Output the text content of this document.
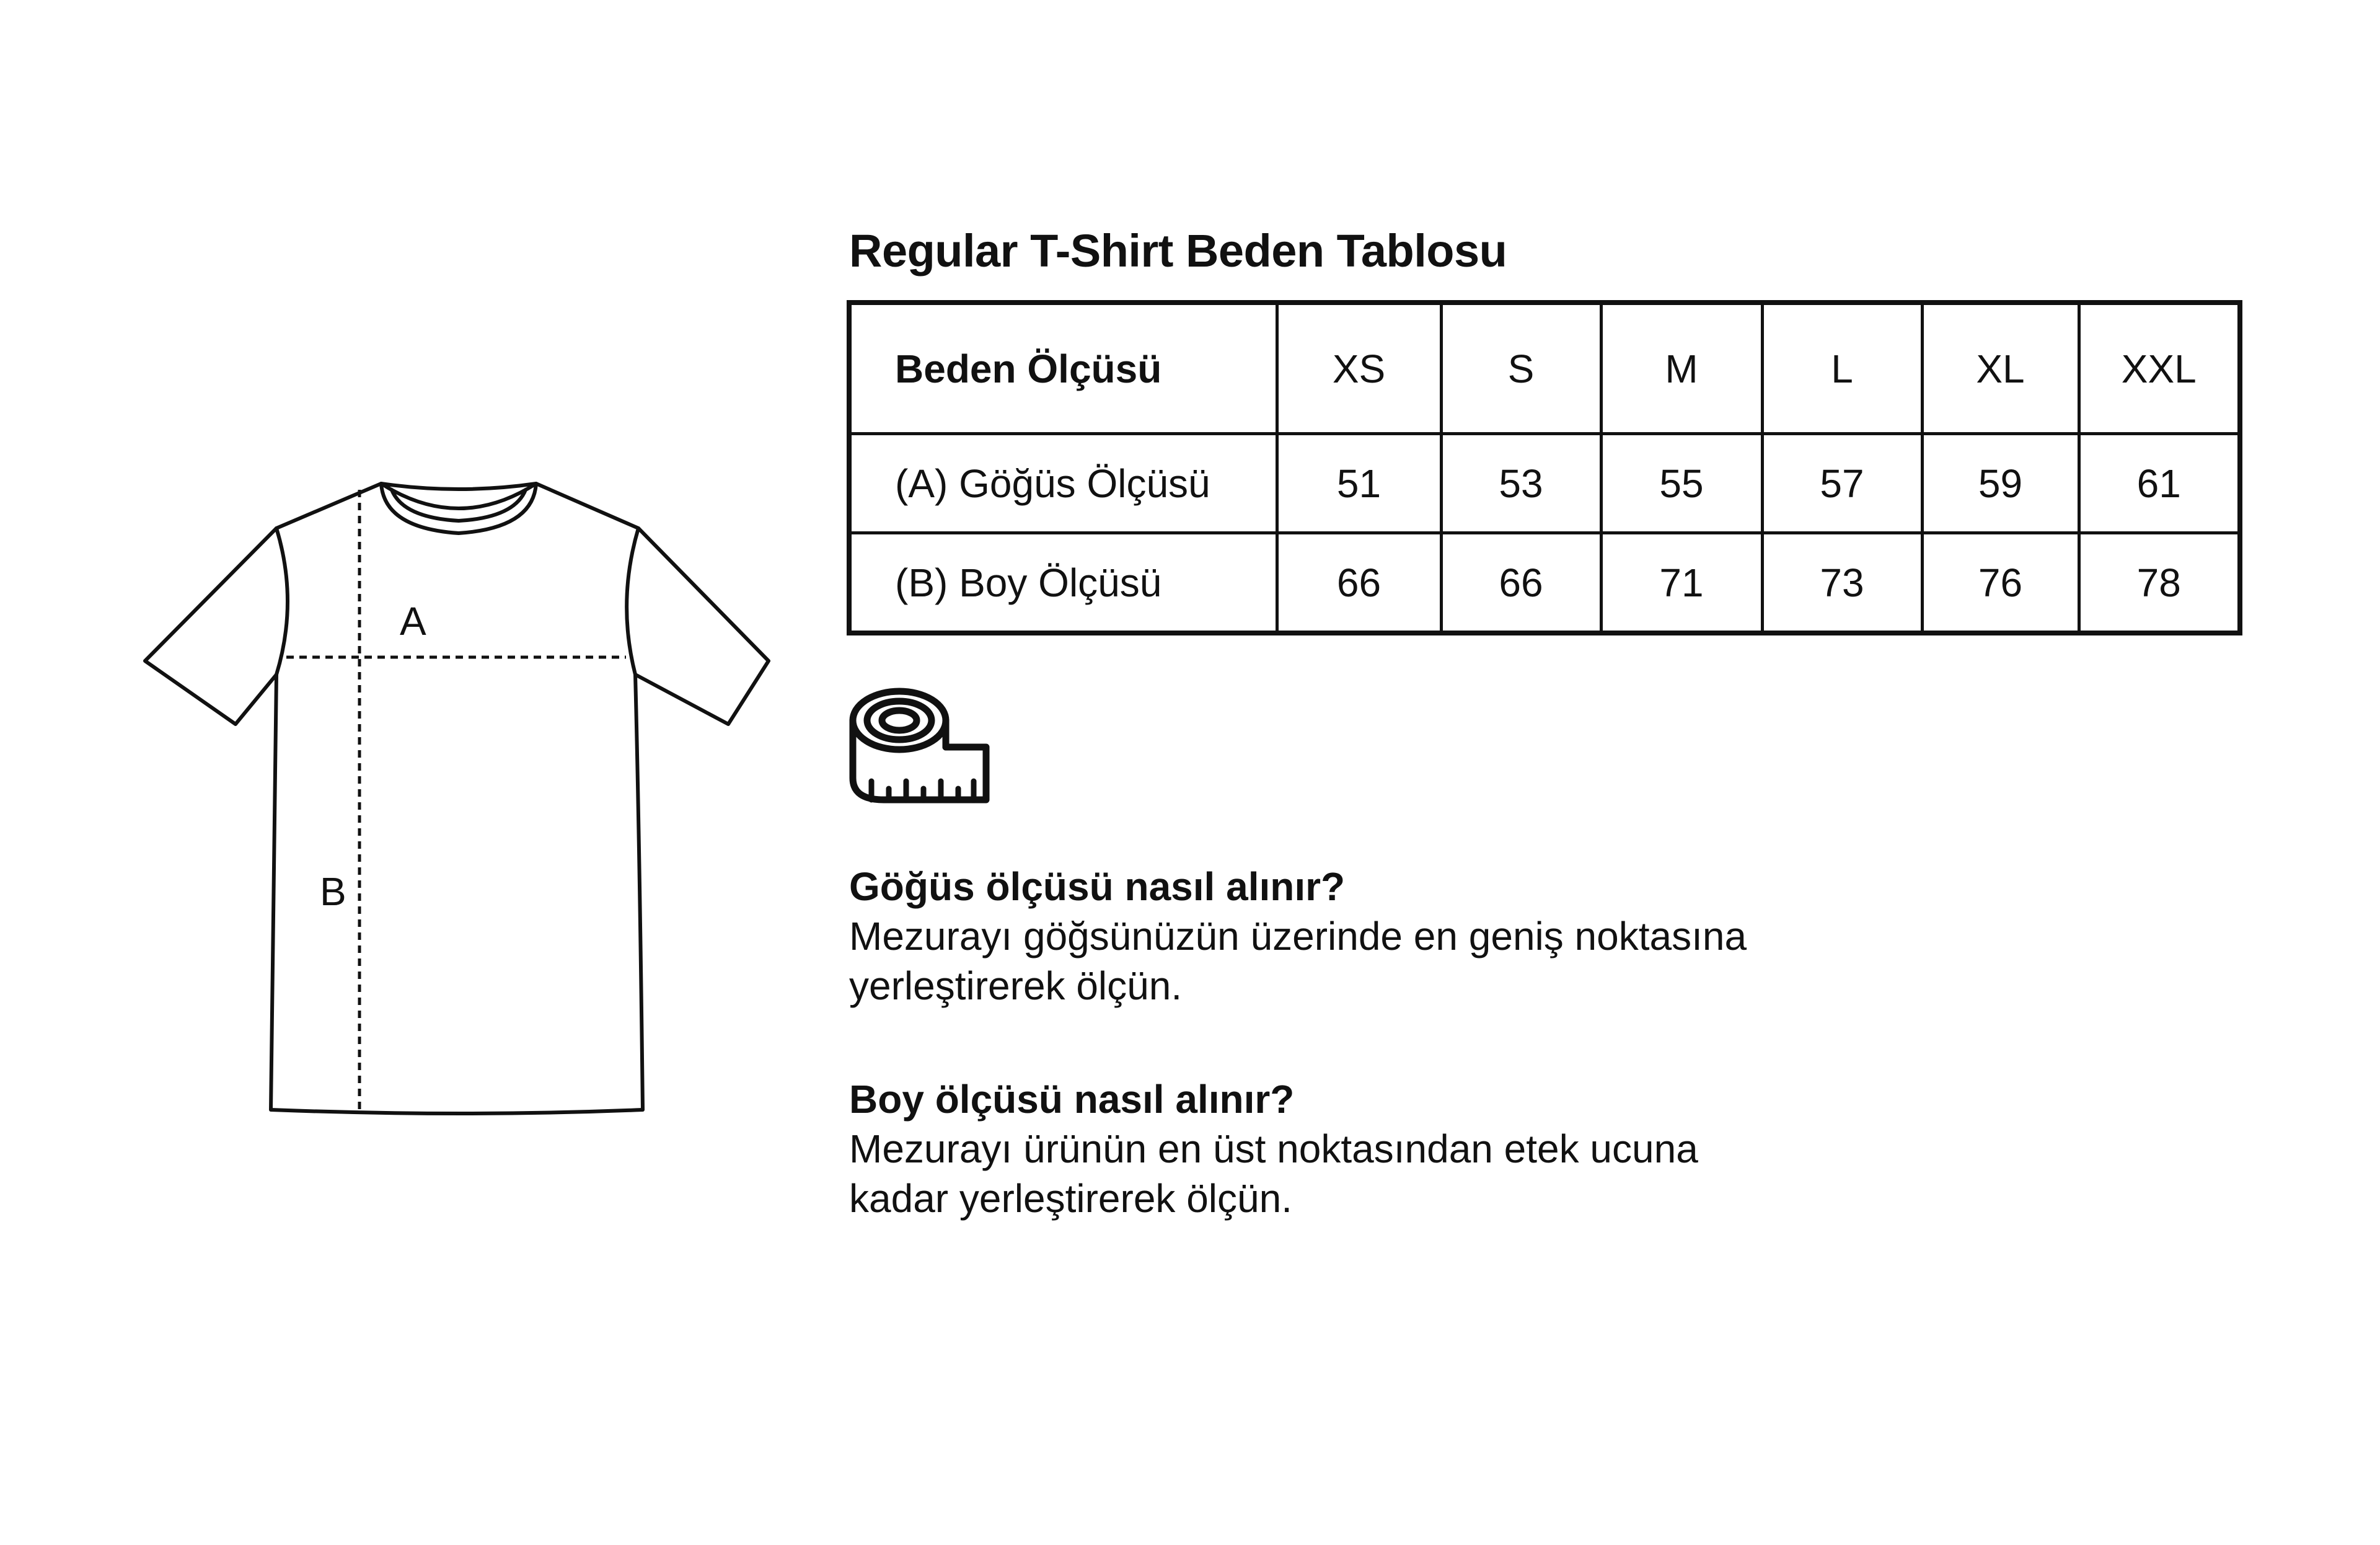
A
B
Regular T-Shirt Beden Tablosu
Beden Ölçüsü	XS	S	M	L	XL	XXL
(A) Göğüs Ölçüsü	51	53	55	57	59	61
(B) Boy Ölçüsü	66	66	71	73	76	78
Göğüs ölçüsü nasıl alınır?
Mezurayı göğsünüzün üzerinde en geniş noktasına
yerleştirerek ölçün.
Boy ölçüsü nasıl alınır?
Mezurayı ürünün en üst noktasından etek ucuna
kadar yerleştirerek ölçün.
